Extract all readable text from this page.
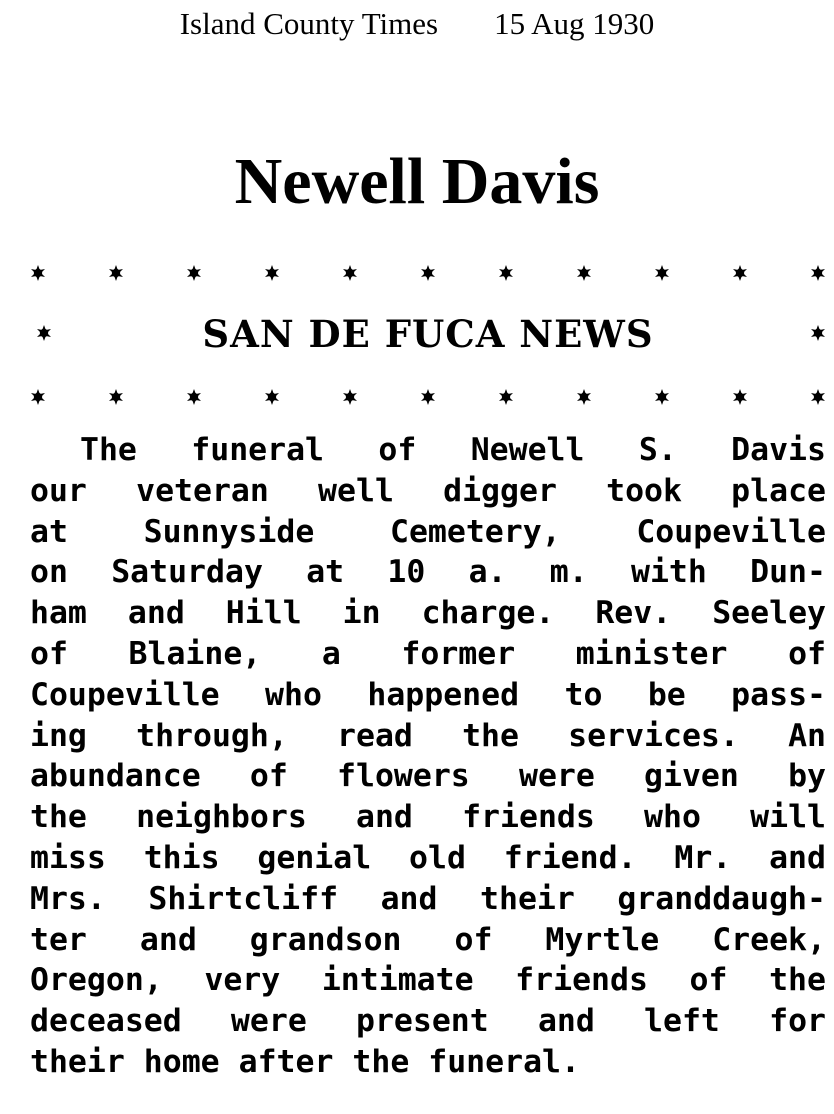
Island County Times 15 Aug 1930
Newell Davis
SAN DE FUCA NEWS
The funeral of Newell S. Davis
our veteran well digger took place
at Sunnyside Cemetery, Coupeville
on Saturday at 10 a. m. with Dun-
ham and Hill in charge. Rev. Seeley
of Blaine, a former minister of
Coupeville who happened to be pass-
ing through, read the services. An
abundance of flowers were given by
the neighbors and friends who will
miss this genial old friend. Mr. and
Mrs. Shirtcliff and their granddaugh-
ter and grandson of Myrtle Creek,
Oregon, very intimate friends of the
deceased were present and left for
their home after the funeral.
